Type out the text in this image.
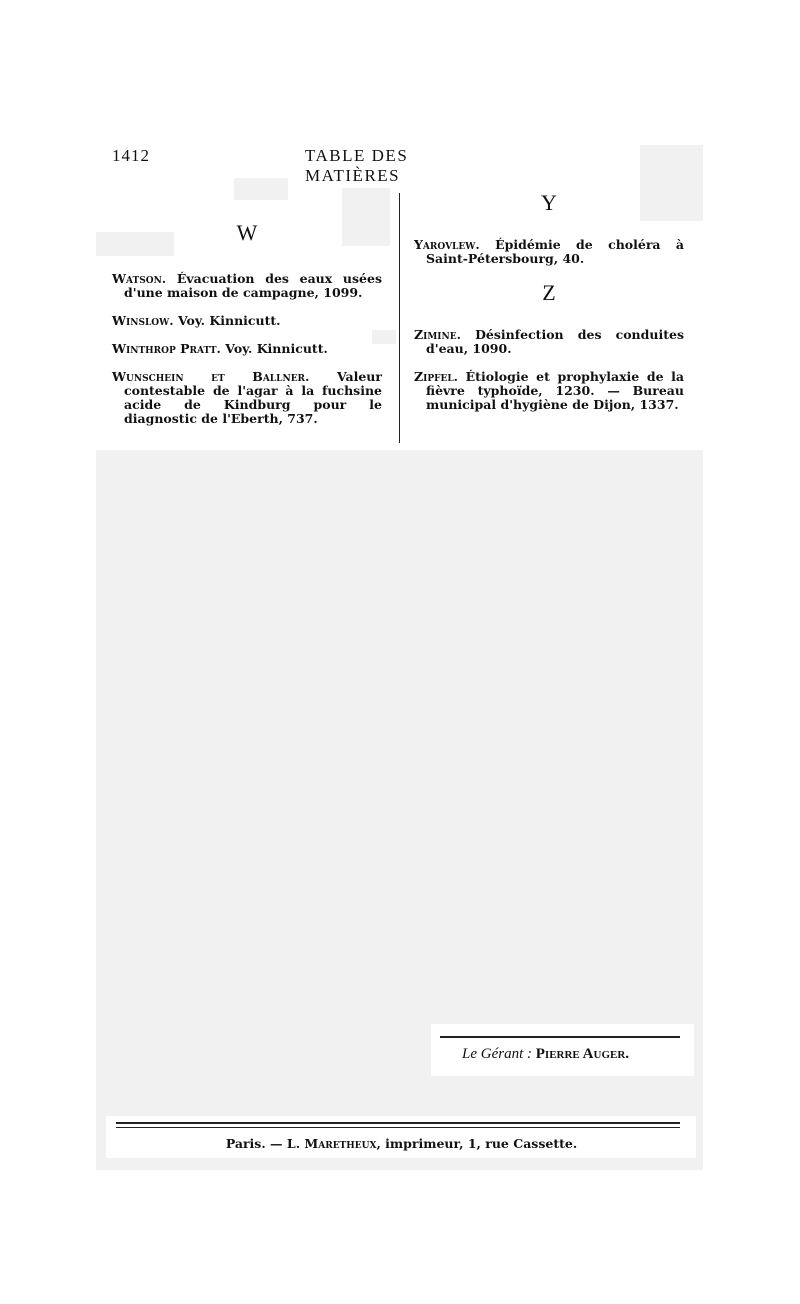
1412	TABLE DES MATIÈRES

W

Watson. Évacuation des eaux usées d'une maison de campagne, 1099.

Winslow. Voy. Kinnicutt.

Winthrop Pratt. Voy. Kinnicutt.

Wunschein et Ballner. Valeur contestable de l'agar à la fuchsine acide de Kindburg pour le diagnostic de l'Eberth, 737.

Y

Yarovlew. Épidémie de choléra à Saint-Pétersbourg, 40.

Z

Zimine. Désinfection des conduites d'eau, 1090.

Zipfel. Étiologie et prophylaxie de la fièvre typhoïde, 1230. — Bureau municipal d'hygiène de Dijon, 1337.

Le Gérant : Pierre Auger.
Paris. — L. Maretheux, imprimeur, 1, rue Cassette.
